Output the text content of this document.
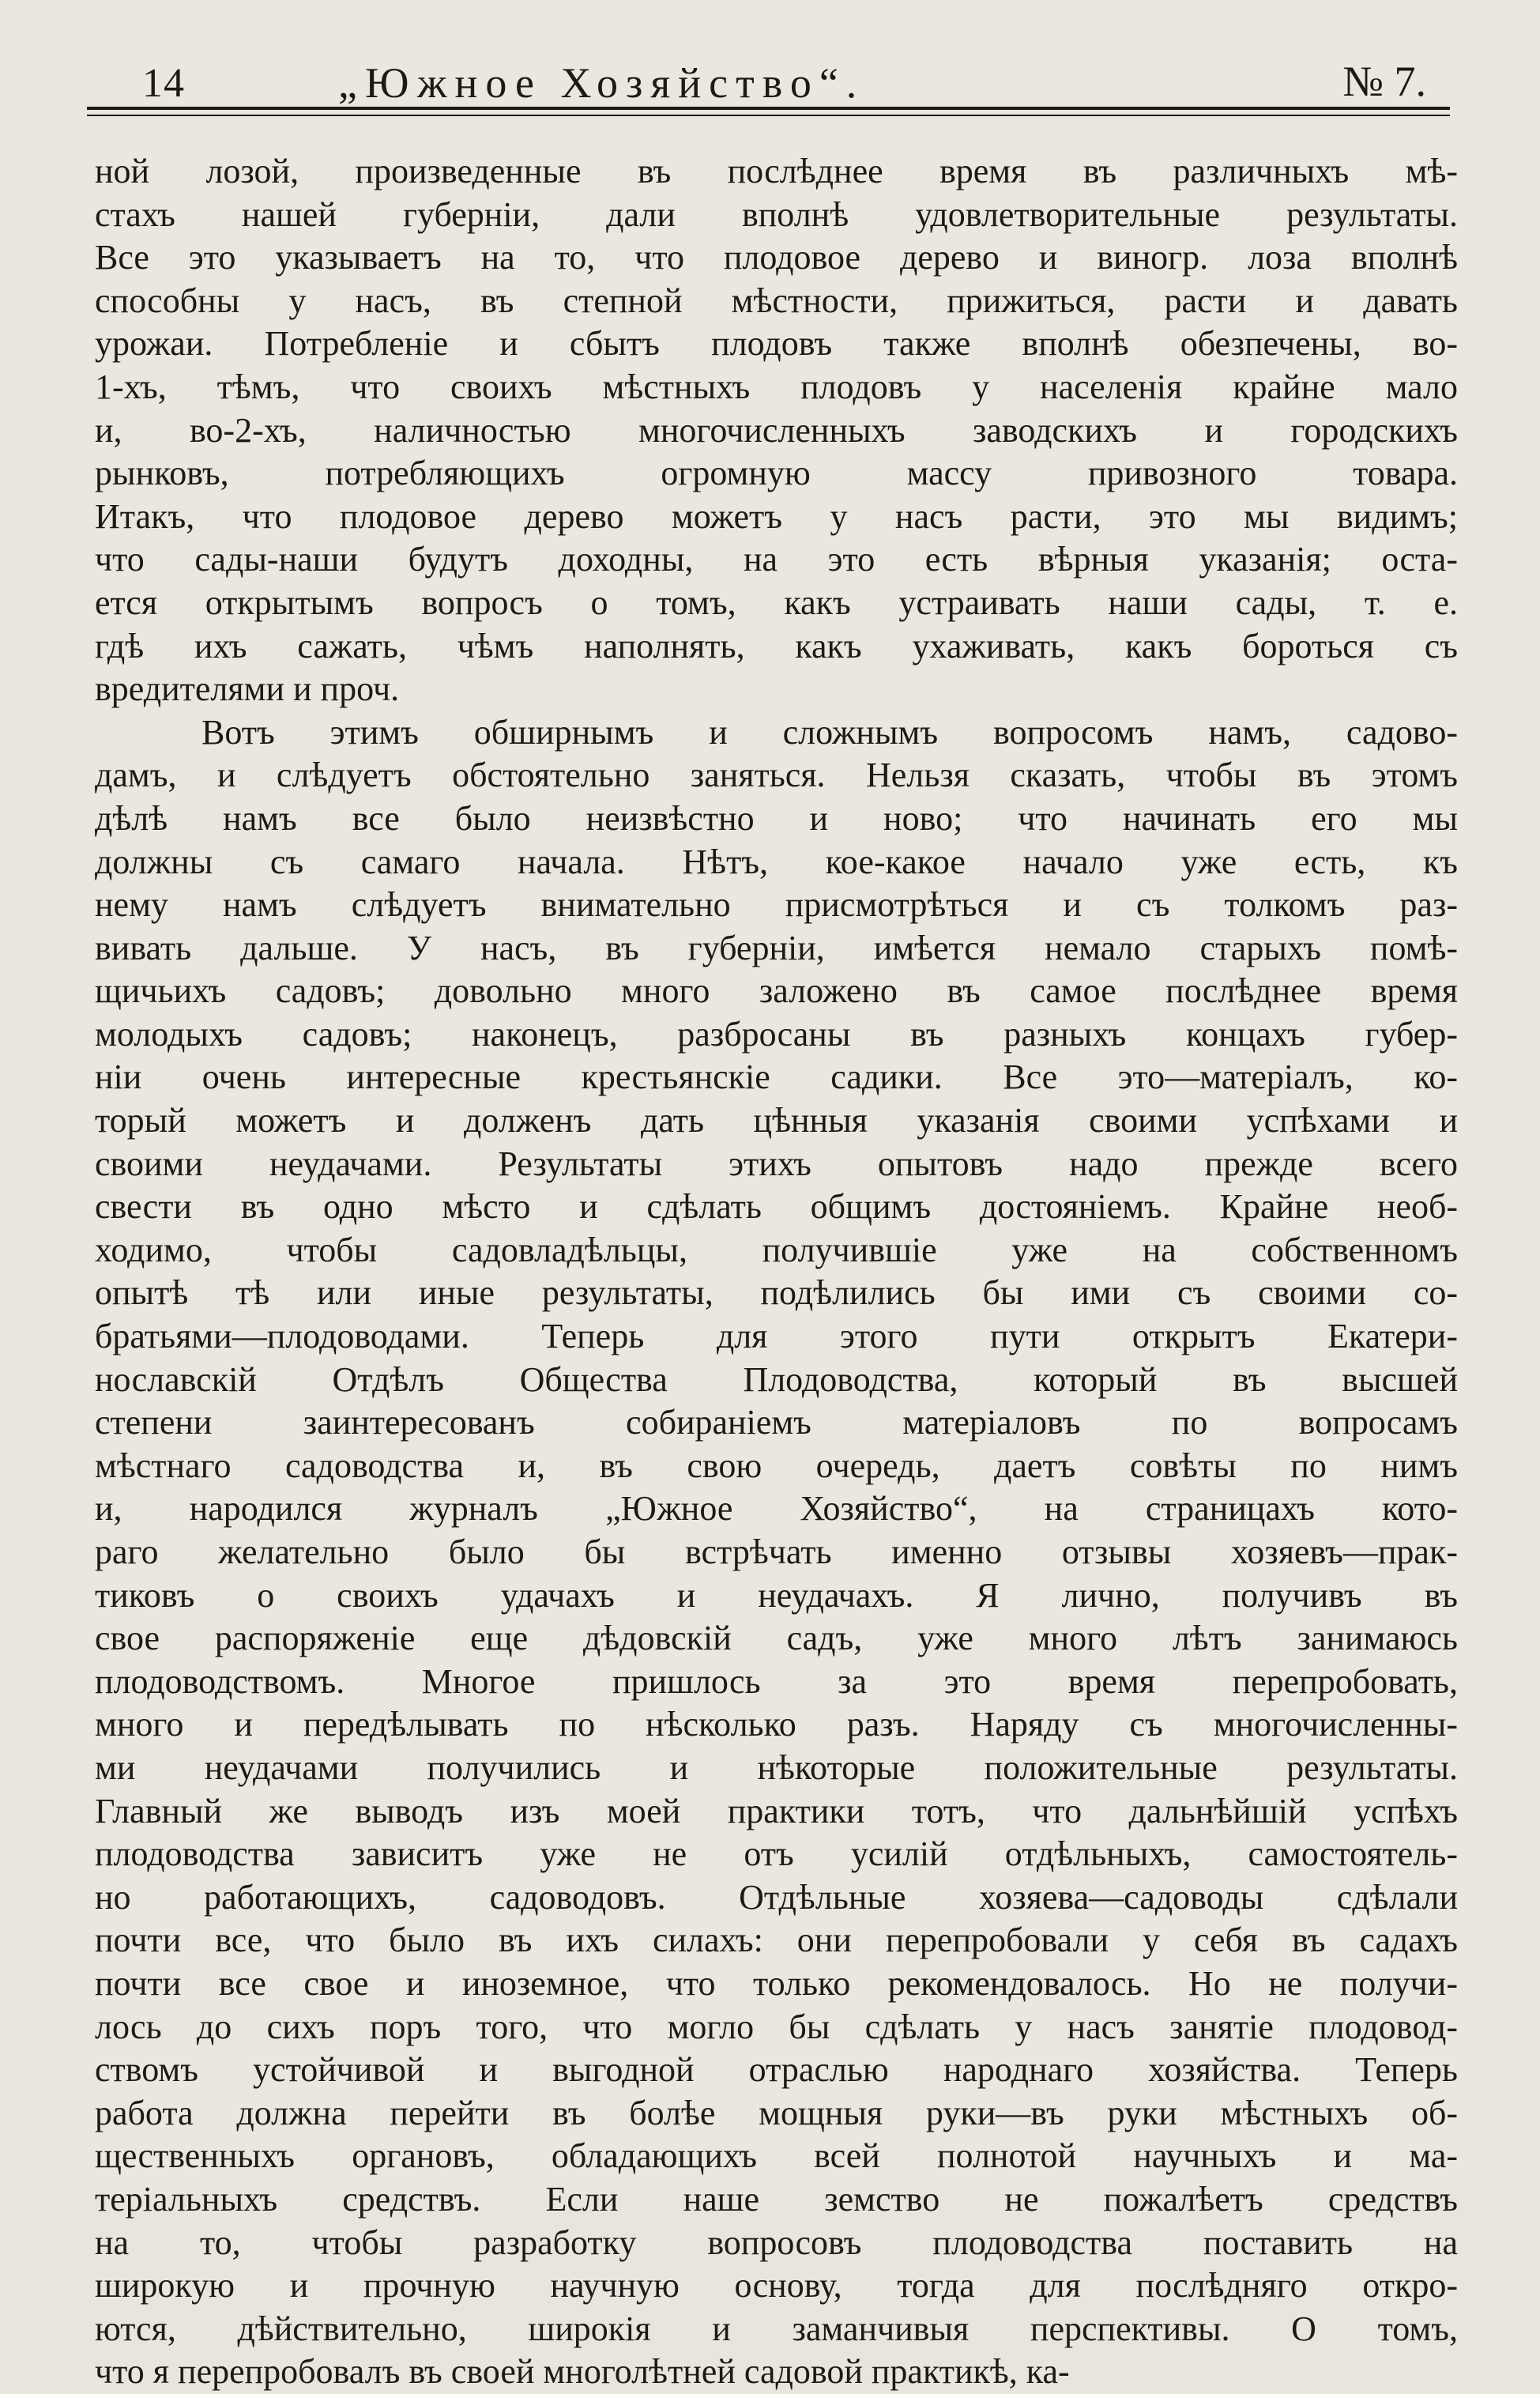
14	„Южное Хозяйство“.	№ 7.
ной лозой, произведенные въ послѣднее время въ различныхъ мѣ-
стахъ нашей губерніи, дали вполнѣ удовлетворительные результаты.
Все это указываетъ на то, что плодовое дерево и виногр. лоза вполнѣ
способны у насъ, въ степной мѣстности, прижиться, расти и давать
урожаи. Потребленіе и сбытъ плодовъ также вполнѣ обезпечены, во-
1-хъ, тѣмъ, что своихъ мѣстныхъ плодовъ у населенія крайне мало
и, во-2-хъ, наличностью многочисленныхъ заводскихъ и городскихъ
рынковъ, потребляющихъ огромную массу привозного товара.
Итакъ, что плодовое дерево можетъ у насъ расти, это мы видимъ;
что сады-наши будутъ доходны, на это есть вѣрныя указанія; оста-
ется открытымъ вопросъ о томъ, какъ устраивать наши сады, т. е.
гдѣ ихъ сажать, чѣмъ наполнять, какъ ухаживать, какъ бороться съ
вредителями и проч.
Вотъ этимъ обширнымъ и сложнымъ вопросомъ намъ, садово-
дамъ, и слѣдуетъ обстоятельно заняться. Нельзя сказать, чтобы въ этомъ
дѣлѣ намъ все было неизвѣстно и ново; что начинать его мы
должны съ самаго начала. Нѣтъ, кое-какое начало уже есть, къ
нему намъ слѣдуетъ внимательно присмотрѣться и съ толкомъ раз-
вивать дальше. У насъ, въ губерніи, имѣется немало старыхъ помѣ-
щичьихъ садовъ; довольно много заложено въ самое послѣднее время
молодыхъ садовъ; наконецъ, разбросаны въ разныхъ концахъ губер-
ніи очень интересные крестьянскіе садики. Все это—матеріалъ, ко-
торый можетъ и долженъ дать цѣнныя указанія своими успѣхами и
своими неудачами. Результаты этихъ опытовъ надо прежде всего
свести въ одно мѣсто и сдѣлать общимъ достояніемъ. Крайне необ-
ходимо, чтобы садовладѣльцы, получившіе уже на собственномъ
опытѣ тѣ или иные результаты, подѣлились бы ими съ своими со-
братьями—плодоводами. Теперь для этого пути открытъ Екатери-
нославскій Отдѣлъ Общества Плодоводства, который въ высшей
степени заинтересованъ собираніемъ матеріаловъ по вопросамъ
мѣстнаго садоводства и, въ свою очередь, даетъ совѣты по нимъ
и, народился журналъ „Южное Хозяйство“, на страницахъ кото-
раго желательно было бы встрѣчать именно отзывы хозяевъ—прак-
тиковъ о своихъ удачахъ и неудачахъ. Я лично, получивъ въ
свое распоряженіе еще дѣдовскій садъ, уже много лѣтъ занимаюсь
плодоводствомъ. Многое пришлось за это время перепробовать,
много и передѣлывать по нѣсколько разъ. Наряду съ многочисленны-
ми неудачами получились и нѣкоторые положительные результаты.
Главный же выводъ изъ моей практики тотъ, что дальнѣйшій успѣхъ
плодоводства зависитъ уже не отъ усилій отдѣльныхъ, самостоятель-
но работающихъ, садоводовъ. Отдѣльные хозяева—садоводы сдѣлали
почти все, что было въ ихъ силахъ: они перепробовали у себя въ садахъ
почти все свое и иноземное, что только рекомендовалось. Но не получи-
лось до сихъ поръ того, что могло бы сдѣлать у насъ занятіе плодовод-
ствомъ устойчивой и выгодной отраслью народнаго хозяйства. Теперь
работа должна перейти въ болѣе мощныя руки—въ руки мѣстныхъ об-
щественныхъ органовъ, обладающихъ всей полнотой научныхъ и ма-
теріальныхъ средствъ. Если наше земство не пожалѣетъ средствъ
на то, чтобы разработку вопросовъ плодоводства поставить на
широкую и прочную научную основу, тогда для послѣдняго откро-
ются, дѣйствительно, широкія и заманчивыя перспективы. О томъ,
что я перепробовалъ въ своей многолѣтней садовой практикѣ, ка-
